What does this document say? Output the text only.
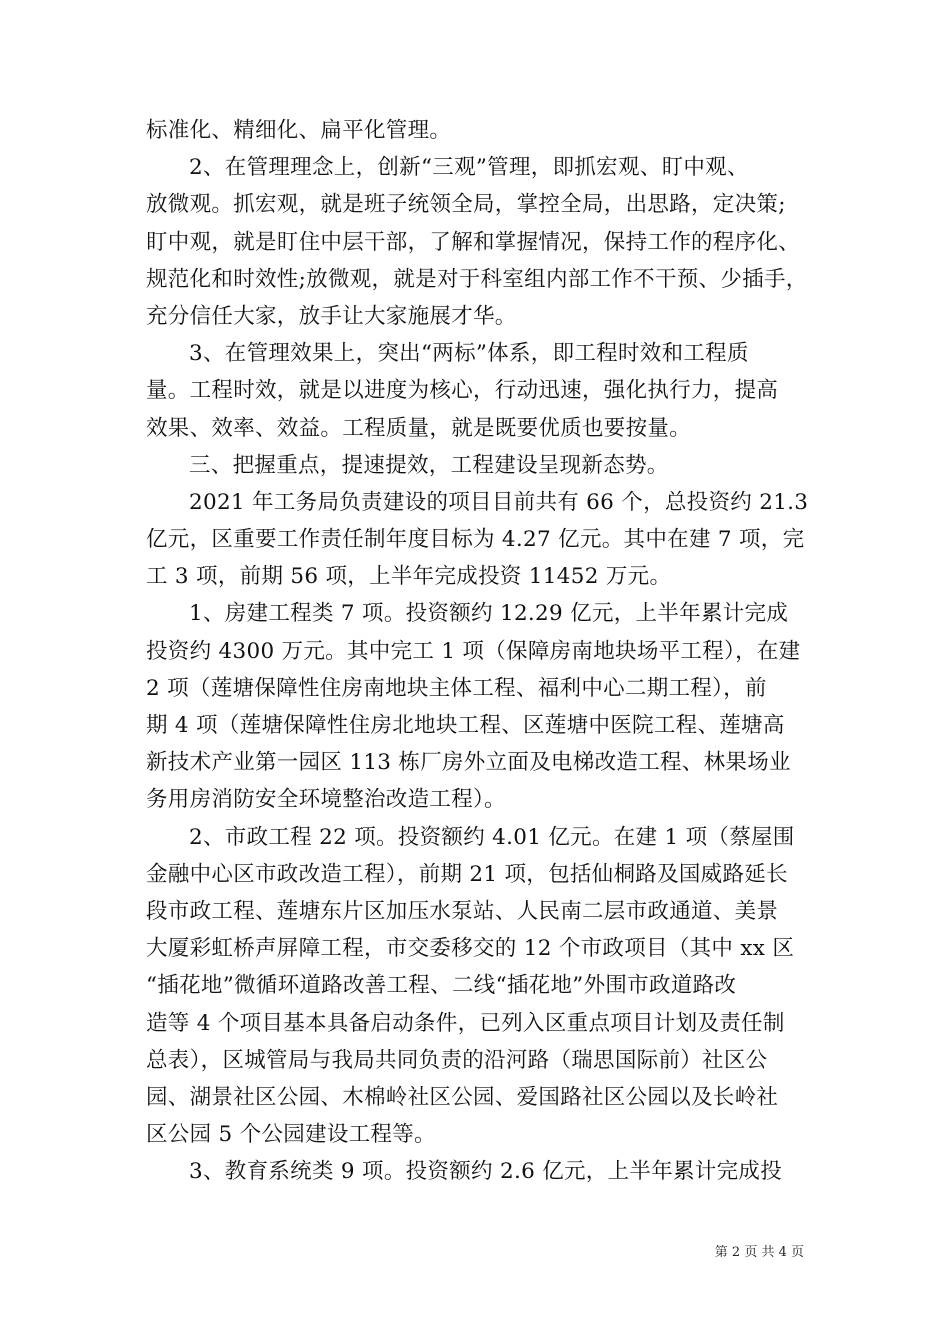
标准化、精细化、扁平化管理。
2、在管理理念上，创新“三观”管理，即抓宏观、盯中观、
放微观。抓宏观，就是班子统领全局，掌控全局，出思路，定决策;
盯中观，就是盯住中层干部，了解和掌握情况，保持工作的程序化、
规范化和时效性;放微观，就是对于科室组内部工作不干预、少插手，
充分信任大家，放手让大家施展才华。
3、在管理效果上，突出“两标”体系，即工程时效和工程质
量。工程时效，就是以进度为核心，行动迅速，强化执行力，提高
效果、效率、效益。工程质量，就是既要优质也要按量。
三、把握重点，提速提效，工程建设呈现新态势。
2021 年工务局负责建设的项目目前共有 66 个，总投资约 21.3
亿元，区重要工作责任制年度目标为 4.27 亿元。其中在建 7 项，完
工 3 项，前期 56 项，上半年完成投资 11452 万元。
1、房建工程类 7 项。投资额约 12.29 亿元，上半年累计完成
投资约 4300 万元。其中完工 1 项（保障房南地块场平工程），在建
2 项（莲塘保障性住房南地块主体工程、福利中心二期工程），前
期 4 项（莲塘保障性住房北地块工程、区莲塘中医院工程、莲塘高
新技术产业第一园区 113 栋厂房外立面及电梯改造工程、林果场业
务用房消防安全环境整治改造工程）。
2、市政工程 22 项。投资额约 4.01 亿元。在建 1 项（蔡屋围
金融中心区市政改造工程），前期 21 项，包括仙桐路及国威路延长
段市政工程、莲塘东片区加压水泵站、人民南二层市政通道、美景
大厦彩虹桥声屏障工程，市交委移交的 12 个市政项目（其中 xx 区
“插花地”微循环道路改善工程、二线“插花地”外围市政道路改
造等 4 个项目基本具备启动条件，已列入区重点项目计划及责任制
总表），区城管局与我局共同负责的沿河路（瑞思国际前）社区公
园、湖景社区公园、木棉岭社区公园、爱国路社区公园以及长岭社
区公园 5 个公园建设工程等。
3、教育系统类 9 项。投资额约 2.6 亿元，上半年累计完成投
第 2 页 共 4 页
